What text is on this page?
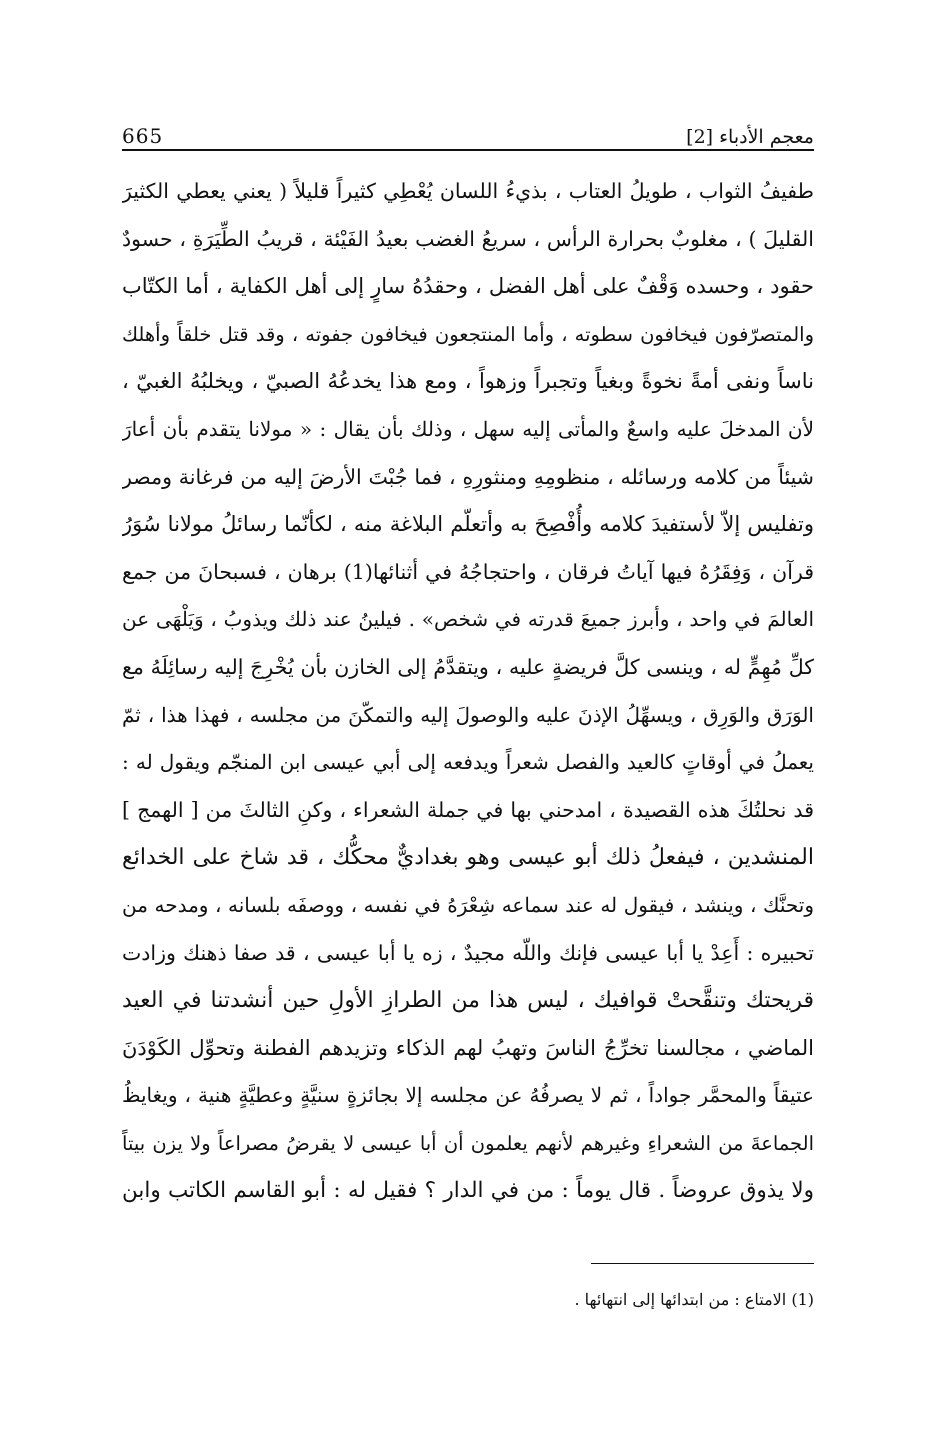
665	معجم الأدباء [2]
طفيفُ الثواب ، طويلُ العتاب ، بذيءُ اللسان يُعْطِي كثيراً قليلاً ( يعني يعطي الكثيرَ
القليلَ ) ، مغلوبٌ بحرارة الرأس ، سريعُ الغضب بعيدُ الفَيْئة ، قريبُ الطِّيَرَةِ ، حسودٌ
حقود ، وحسده وَقْفٌ على أهل الفضل ، وحقدُهُ سارٍ إلى أهل الكفاية ، أما الكتّاب
والمتصرّفون فيخافون سطوته ، وأما المنتجعون فيخافون جفوته ، وقد قتل خلقاً وأهلك
ناساً ونفى أمةً نخوةً وبغياً وتجبراً وزهواً ، ومع هذا يخدعُهُ الصبيّ ، ويخلبُهُ الغبيّ ،
لأن المدخلَ عليه واسعٌ والمأتى إليه سهل ، وذلك بأن يقال : « مولانا يتقدم بأن أعارَ
شيئاً من كلامه ورسائله ، منظومِهِ ومنثورِهِ ، فما جُبْتَ الأرضَ إليه من فرغانة ومصر
وتفليس إلاّ لأستفيدَ كلامه وأُفْصِحَ به وأتعلّم البلاغة منه ، لكأنّما رسائلُ مولانا سُوَرُ
قرآن ، وَفِقَرُهُ فيها آياتُ فرقان ، واحتجاجُهُ في أثنائها(1) برهان ، فسبحانَ من جمع
العالمَ في واحد ، وأبرز جميعَ قدرته في شخص» . فيلينُ عند ذلك ويذوبُ ، وَيَلْهَى عن
كلِّ مُهِمٍّ له ، وينسى كلَّ فريضةٍ عليه ، ويتقدَّمُ إلى الخازن بأن يُخْرِجَ إليه رسائِلَهُ مع
الوَرَق والوَرِق ، ويسهِّلُ الإذنَ عليه والوصولَ إليه والتمكّنَ من مجلسه ، فهذا هذا ، ثمّ
يعملُ في أوقاتٍ كالعيد والفصل شعراً ويدفعه إلى أبي عيسى ابن المنجّم ويقول له :
قد نحلتُكَ هذه القصيدة ، امدحني بها في جملة الشعراء ، وكنِ الثالثَ من [ الهمج ]
المنشدين ، فيفعلُ ذلك أبو عيسى وهو بغداديٌّ محكُّك ، قد شاخ على الخدائع
وتحنَّك ، وينشد ، فيقول له عند سماعه شِعْرَهُ في نفسه ، ووصفَه بلسانه ، ومدحه من
تحبيره : أَعِدْ يا أبا عيسى فإنك واللّه مجيدٌ ، زه يا أبا عيسى ، قد صفا ذهنك وزادت
قريحتك وتنقَّحتْ قوافيك ، ليس هذا من الطرازِ الأولِ حين أنشدتنا في العيد
الماضي ، مجالسنا تخرِّجُ الناسَ وتهبُ لهم الذكاء وتزيدهم الفطنة وتحوِّل الكَوْدَنَ
عتيقاً والمحمَّر جواداً ، ثم لا يصرفُهُ عن مجلسه إلا بجائزةٍ سنيَّةٍ وعطيَّةٍ هنية ، ويغايظُ
الجماعةَ من الشعراءِ وغيرهم لأنهم يعلمون أن أبا عيسى لا يقرضُ مصراعاً ولا يزن بيتاً
ولا يذوق عروضاً . قال يوماً : من في الدار ؟ فقيل له : أبو القاسم الكاتب وابن
(1) الامتاع : من ابتدائها إلى انتهائها .
